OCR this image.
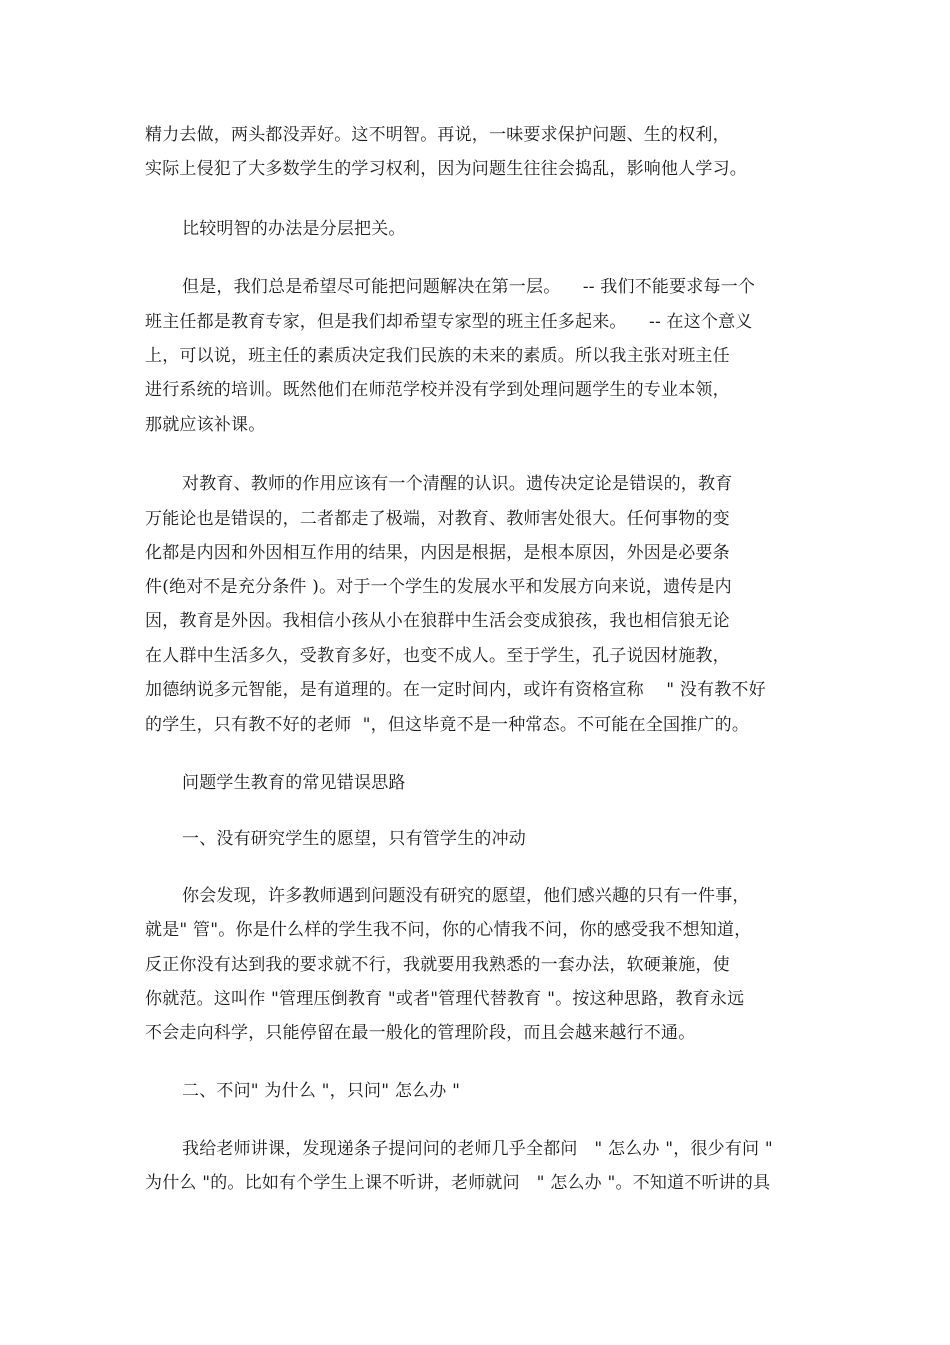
精力去做，两头都没弄好。这不明智。再说，一味要求保护问题、生的权利，
实际上侵犯了大多数学生的学习权利，因为问题生往往会捣乱，影响他人学习。
比较明智的办法是分层把关。
但是，我们总是希望尽可能把问题解决在第一层。    -- 我们不能要求每一个
班主任都是教育专家，但是我们却希望专家型的班主任多起来。    -- 在这个意义
上，可以说，班主任的素质决定我们民族的未来的素质。所以我主张对班主任
进行系统的培训。既然他们在师范学校并没有学到处理问题学生的专业本领，
那就应该补课。
对教育、教师的作用应该有一个清醒的认识。遗传决定论是错误的，教育
万能论也是错误的，二者都走了极端，对教育、教师害处很大。任何事物的变
化都是内因和外因相互作用的结果，内因是根据，是根本原因，外因是必要条
件(绝对不是充分条件 )。对于一个学生的发展水平和发展方向来说，遗传是内
因，教育是外因。我相信小孩从小在狼群中生活会变成狼孩，我也相信狼无论
在人群中生活多久，受教育多好，也变不成人。至于学生，孔子说因材施教，
加德纳说多元智能，是有道理的。在一定时间内，或许有资格宣称    " 没有教不好
的学生，只有教不好的老师  "，但这毕竟不是一种常态。不可能在全国推广的。
问题学生教育的常见错误思路
一、没有研究学生的愿望，只有管学生的冲动
你会发现，许多教师遇到问题没有研究的愿望，他们感兴趣的只有一件事，
就是" 管"。你是什么样的学生我不问，你的心情我不问，你的感受我不想知道，
反正你没有达到我的要求就不行，我就要用我熟悉的一套办法，软硬兼施，使
你就范。这叫作 "管理压倒教育 "或者"管理代替教育 "。按这种思路，教育永远
不会走向科学，只能停留在最一般化的管理阶段，而且会越来越行不通。
二、不问" 为什么 "，只问" 怎么办 "
我给老师讲课，发现递条子提问问的老师几乎全都问   " 怎么办 "，很少有问 "
为什么 "的。比如有个学生上课不听讲，老师就问   " 怎么办 "。不知道不听讲的具
